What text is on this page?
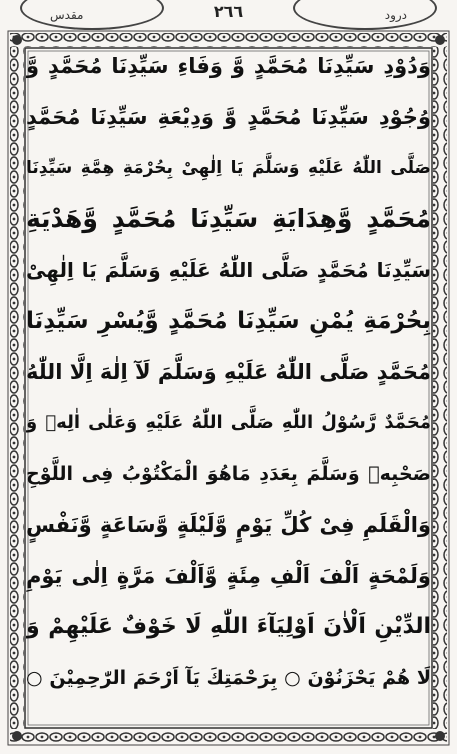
مقدس	٢٦٦	درود
وَدُوْدِ سَیِّدِنَا مُحَمَّدٍ وَّ وَفَاءِ سَیِّدِنَا مُحَمَّدٍ وَّ
وُجُوْدِ سَیِّدِنَا مُحَمَّدٍ وَّ وَدِیْعَةِ سَیِّدِنَا مُحَمَّدٍ
صَلَّى اللّٰهُ عَلَيْهِ وَسَلَّمَ یَا اِلٰھِیْ بِحُرْمَةِ ھِمَّةِ سَیِّدِنَا
مُحَمَّدٍ وَّھِدَايَةِ سَیِّدِنَا مُحَمَّدٍ وَّھَدْيَةِ
سَیِّدِنَا مُحَمَّدٍ صَلَّى اللّٰهُ عَلَيْهِ وَسَلَّمَ یَا اِلٰھِیْ
بِحُرْمَةِ یُمْنِ سَیِّدِنَا مُحَمَّدٍ وَّیُسْرِ سَیِّدِنَا
مُحَمَّدٍ صَلَّى اللّٰهُ عَلَيْهِ وَسَلَّمَ لَآ اِلٰهَ اِلَّا اللّٰهُ
مُحَمَّدٌ رَّسُوْلُ اللّٰهِ صَلَّى اللّٰهُ عَلَيْهِ وَعَلٰى اٰلِهٖ وَ
صَحْبِهٖ وَسَلَّمَ بِعَدَدِ مَاھُوَ الْمَكْتُوْبُ فِی اللَّوْحِ
وَالْقَلَمِ فِیْ كُلِّ یَوْمٍ وَّلَیْلَةٍ وَّسَاعَةٍ وَّنَفْسٍ
وَلَمْحَةٍ اَلْفَ اَلْفِ مِئَةٍ وَّاَلْفَ مَرَّةٍ اِلٰی یَوْمِ
الدِّیْنِ اَلْاٰنَ اَوْلِیَآءَ اللّٰهِ لَا خَوْفٌ عَلَیْھِمْ وَ
لَا ھُمْ یَحْزَنُوْنَ ○ بِرَحْمَتِكَ یَآ اَرْحَمَ الرّٰحِمِیْنَ ○
